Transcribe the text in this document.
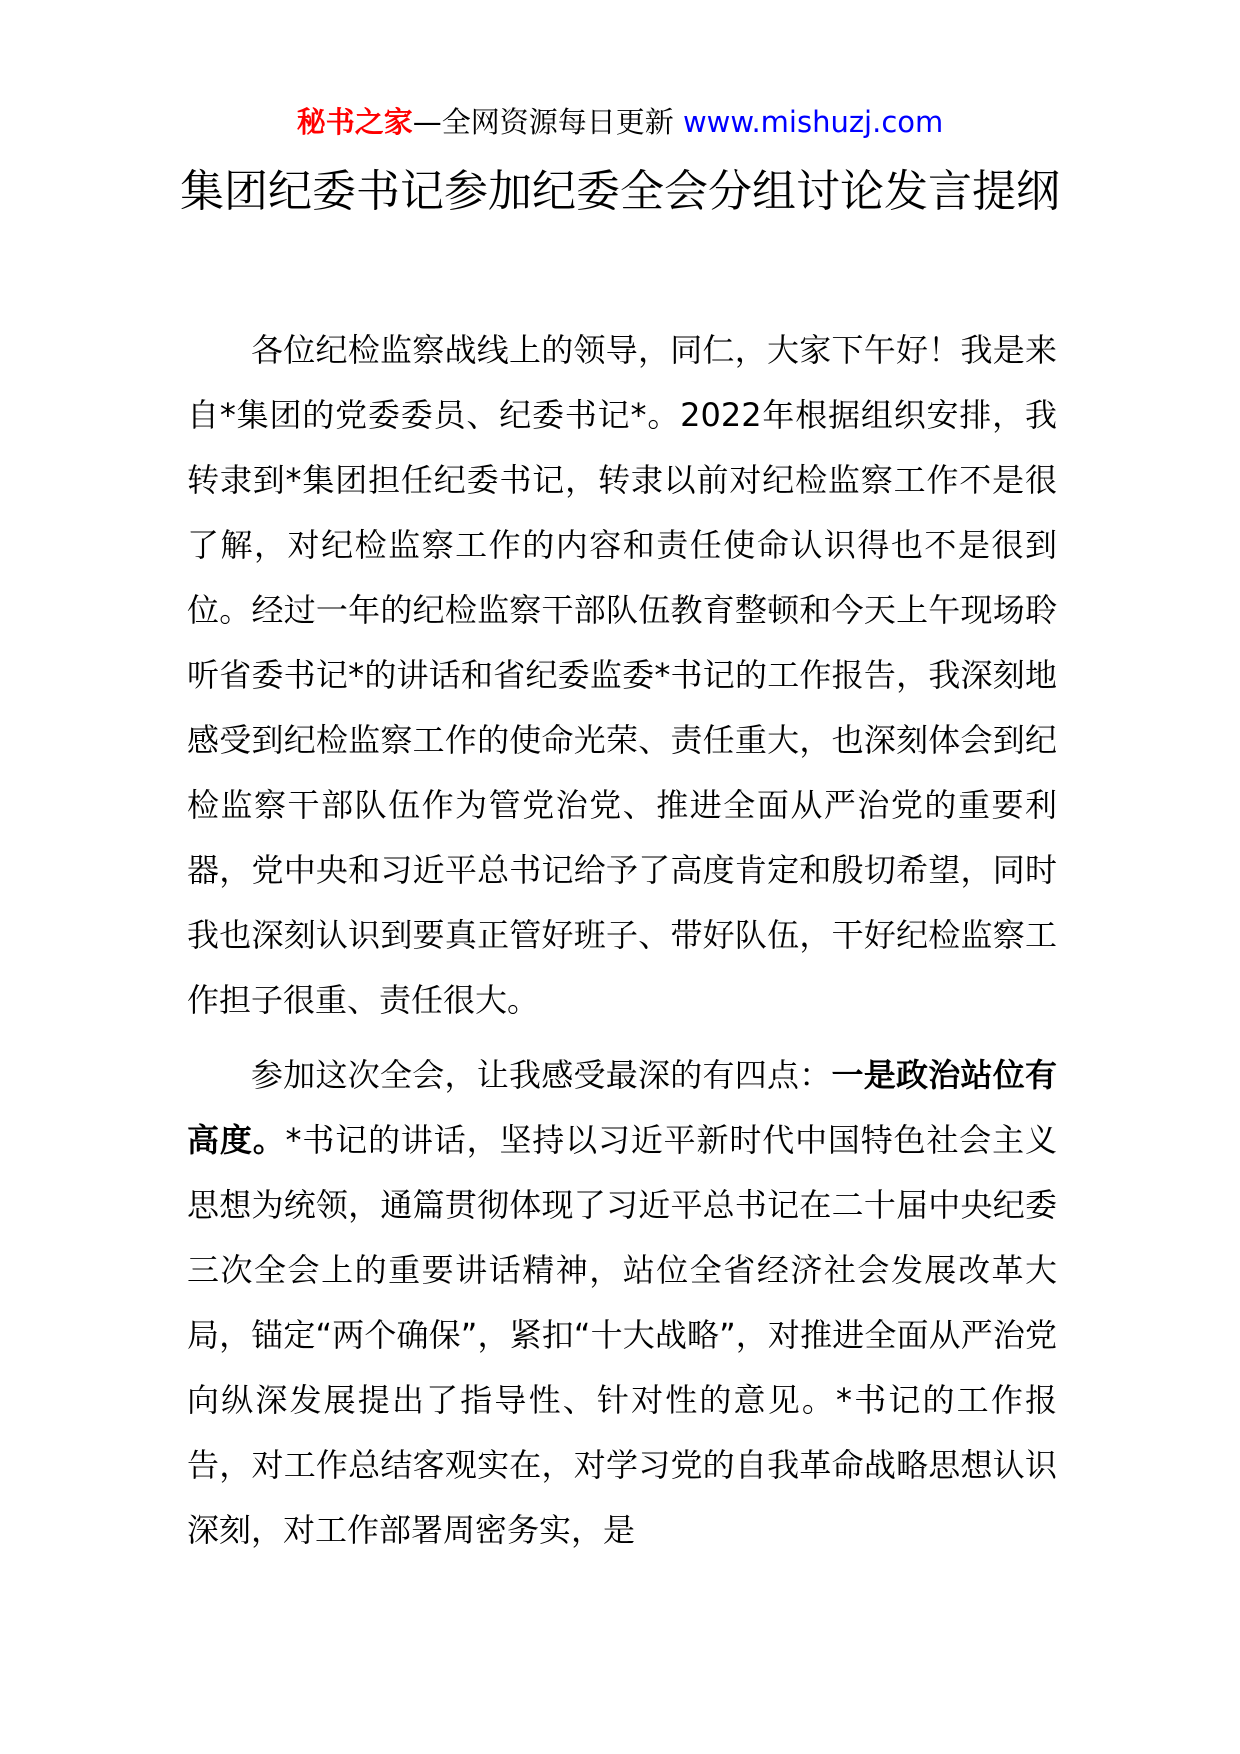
秘书之家—全网资源每日更新 www.mishuzj.com
集团纪委书记参加纪委全会分组讨论发言提纲

各位纪检监察战线上的领导，同仁，大家下午好！我是来自*集团的党委委员、纪委书记*。2022年根据组织安排，我转隶到*集团担任纪委书记，转隶以前对纪检监察工作不是很了解，对纪检监察工作的内容和责任使命认识得也不是很到位。经过一年的纪检监察干部队伍教育整顿和今天上午现场聆听省委书记*的讲话和省纪委监委*书记的工作报告，我深刻地感受到纪检监察工作的使命光荣、责任重大，也深刻体会到纪检监察干部队伍作为管党治党、推进全面从严治党的重要利器，党中央和习近平总书记给予了高度肯定和殷切希望，同时我也深刻认识到要真正管好班子、带好队伍，干好纪检监察工作担子很重、责任很大。

参加这次全会，让我感受最深的有四点：一是政治站位有高度。*书记的讲话，坚持以习近平新时代中国特色社会主义思想为统领，通篇贯彻体现了习近平总书记在二十届中央纪委三次全会上的重要讲话精神，站位全省经济社会发展改革大局，锚定“两个确保”，紧扣“十大战略”，对推进全面从严治党向纵深发展提出了指导性、针对性的意见。*书记的工作报告，对工作总结客观实在，对学习党的自我革命战略思想认识深刻，对工作部署周密务实，是
